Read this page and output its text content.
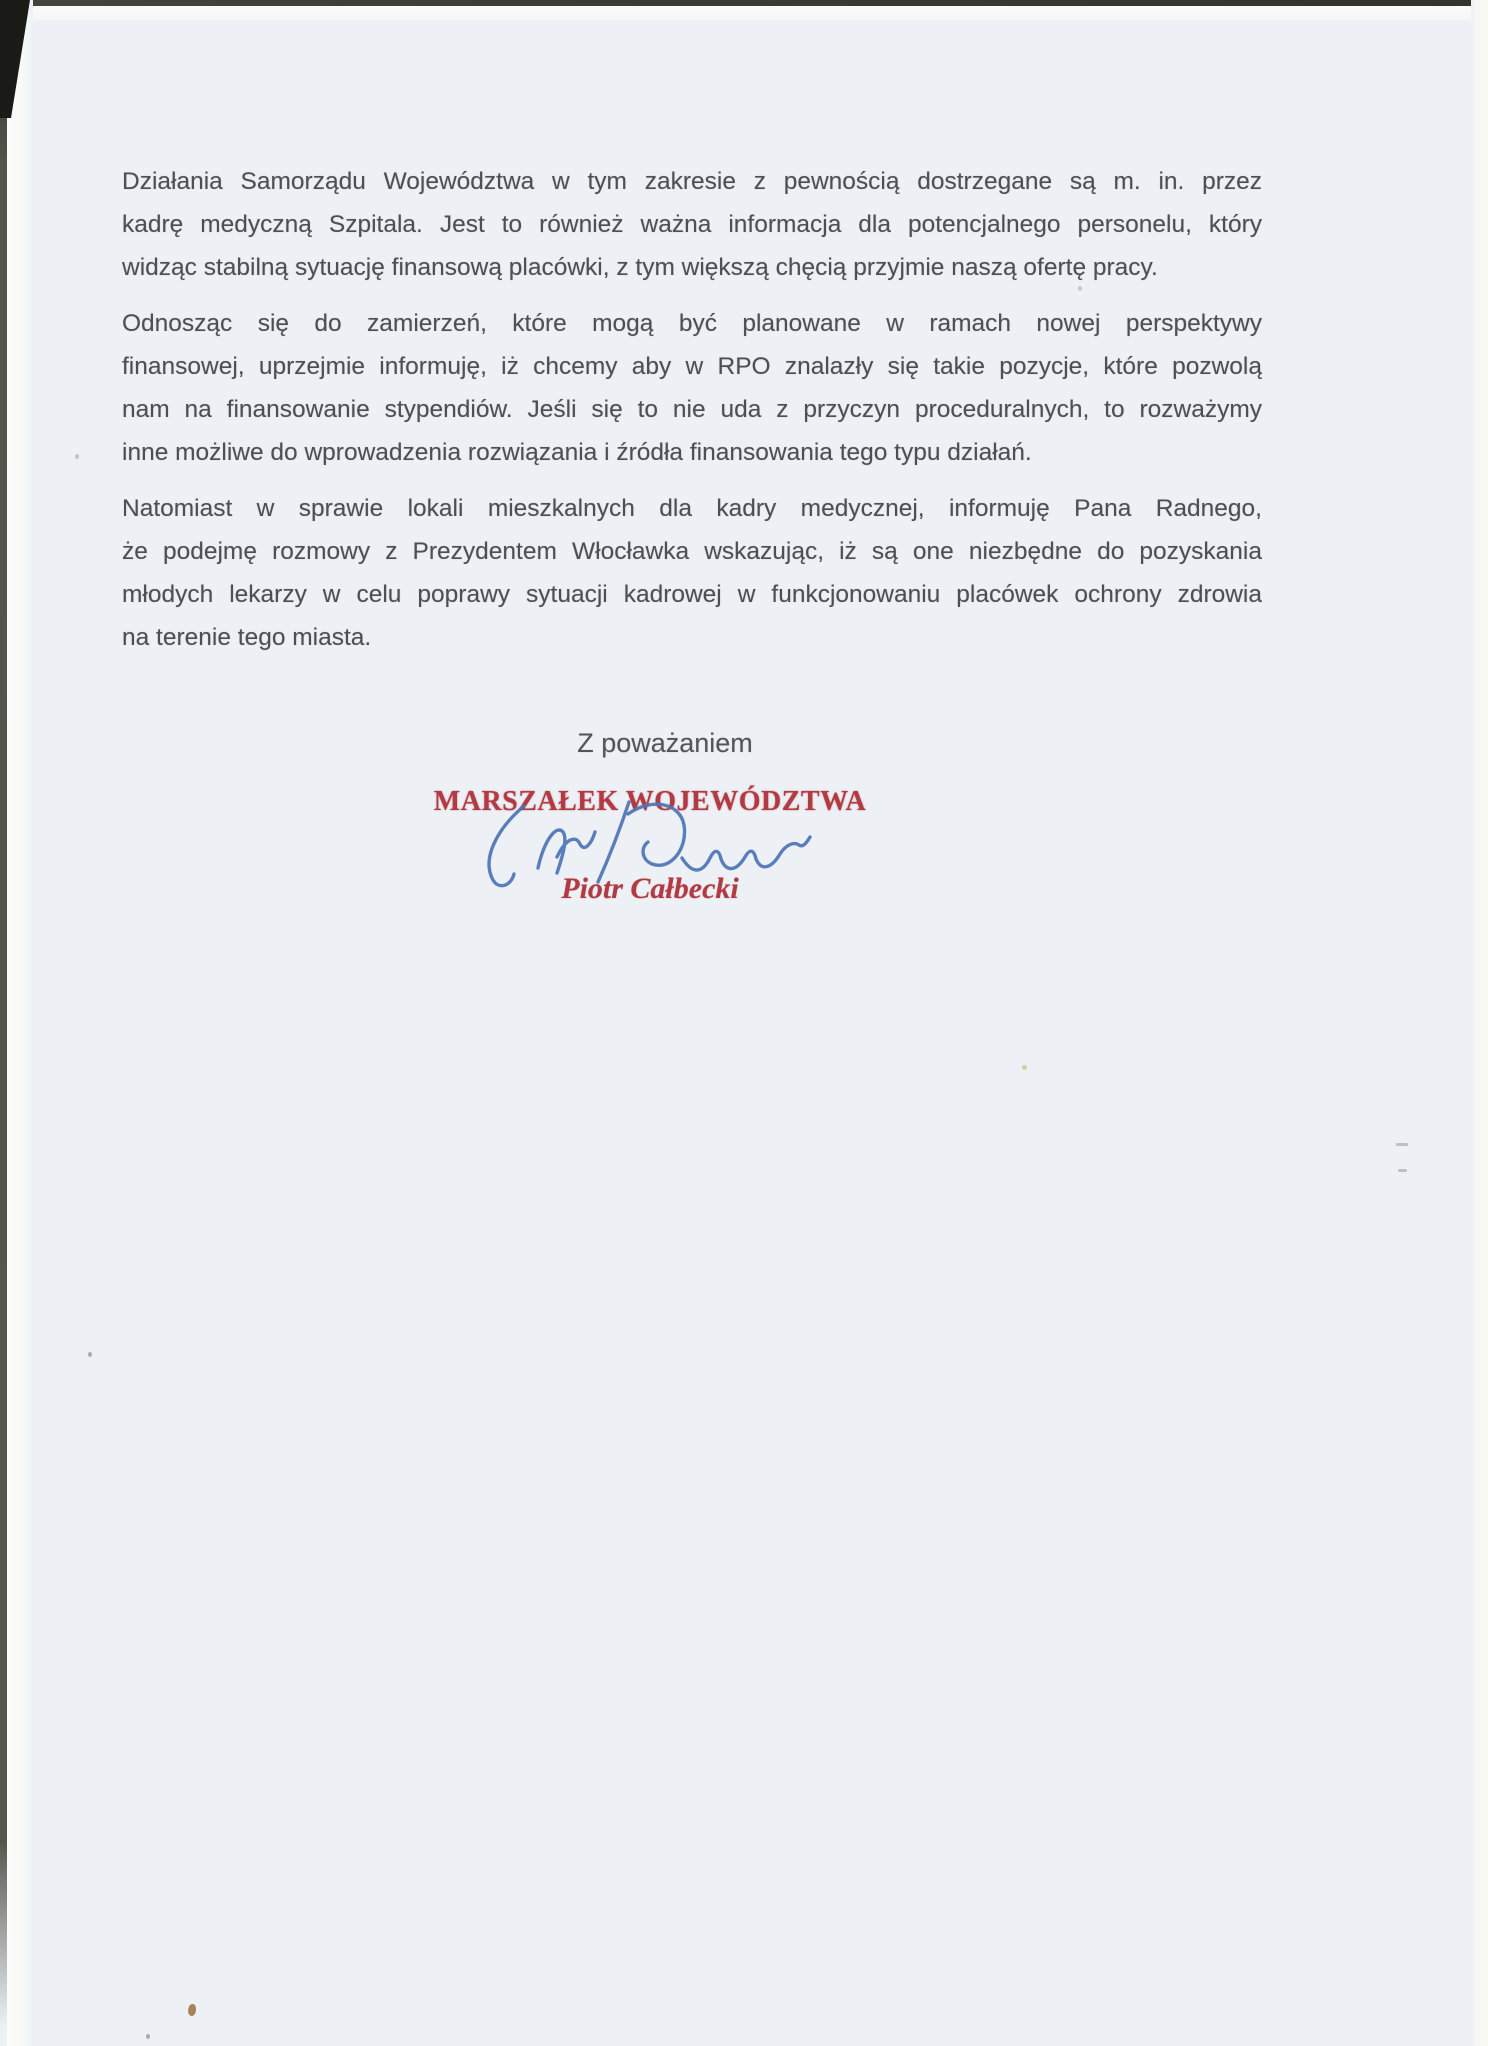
Działania Samorządu Województwa w tym zakresie z pewnością dostrzegane są m. in. przez
kadrę medyczną Szpitala. Jest to również ważna informacja dla potencjalnego personelu, który
widząc stabilną sytuację finansową placówki, z tym większą chęcią przyjmie naszą ofertę pracy.
Odnosząc się do zamierzeń, które mogą być planowane w ramach nowej perspektywy
finansowej, uprzejmie informuję, iż chcemy aby w RPO znalazły się takie pozycje, które pozwolą
nam na finansowanie stypendiów. Jeśli się to nie uda z przyczyn proceduralnych, to rozważymy
inne możliwe do wprowadzenia rozwiązania i źródła finansowania tego typu działań.
Natomiast w sprawie lokali mieszkalnych dla kadry medycznej, informuję Pana Radnego,
że podejmę rozmowy z Prezydentem Włocławka wskazując, iż są one niezbędne do pozyskania
młodych lekarzy w celu poprawy sytuacji kadrowej w funkcjonowaniu placówek ochrony zdrowia
na terenie tego miasta.
Z poważaniem
MARSZAŁEK WOJEWÓDZTWA
Piotr Całbecki
